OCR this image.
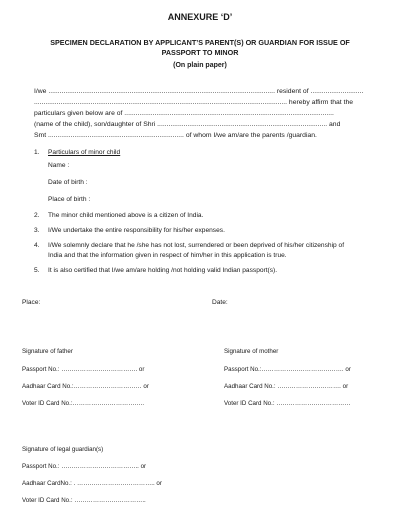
ANNEXURE ‘D’
SPECIMEN DECLARATION BY APPLICANT’S PARENT(S) OR GUARDIAN FOR ISSUE OF
PASSPORT TO MINOR
(On plain paper)
I/we ........................................................................................................................ resident of ............................
...................................................................................................................................... hereby affirm that the
particulars given below are of ...............................................................................................................
(name of the child), son/daughter of Shri .......................................................................................... and
Smt ........................................................................ of whom I/we am/are the parents /guardian.
1. Particulars of minor child
Name :
Date of birth :
Place of birth :
2. The minor child mentioned above is a citizen of India.
3. I/We undertake the entire responsibility for his/her expenses.
4. I/We solemnly declare that he /she has not lost, surrendered or been deprived of his/her citizenship of
India and that the information given in respect of him/her in this application is true.
5. It is also certified that I/we am/are holding /not holding valid Indian passport(s).
Place:	Date:
Signature of father
Passport No.: ………………………………. or
Aadhaar Card No.:…………………………… or
Voter ID Card No.:……………………………..
Signature of mother
Passport No.:…………………………………. or
Aadhaar Card No.: …………………………. or
Voter ID Card No.: ………………………………
Signature of legal guardian(s)
Passport No.: ……………………………….. or
Aadhaar CardNo.: . ……………………………….. or
Voter ID Card No.: ……………………………..
